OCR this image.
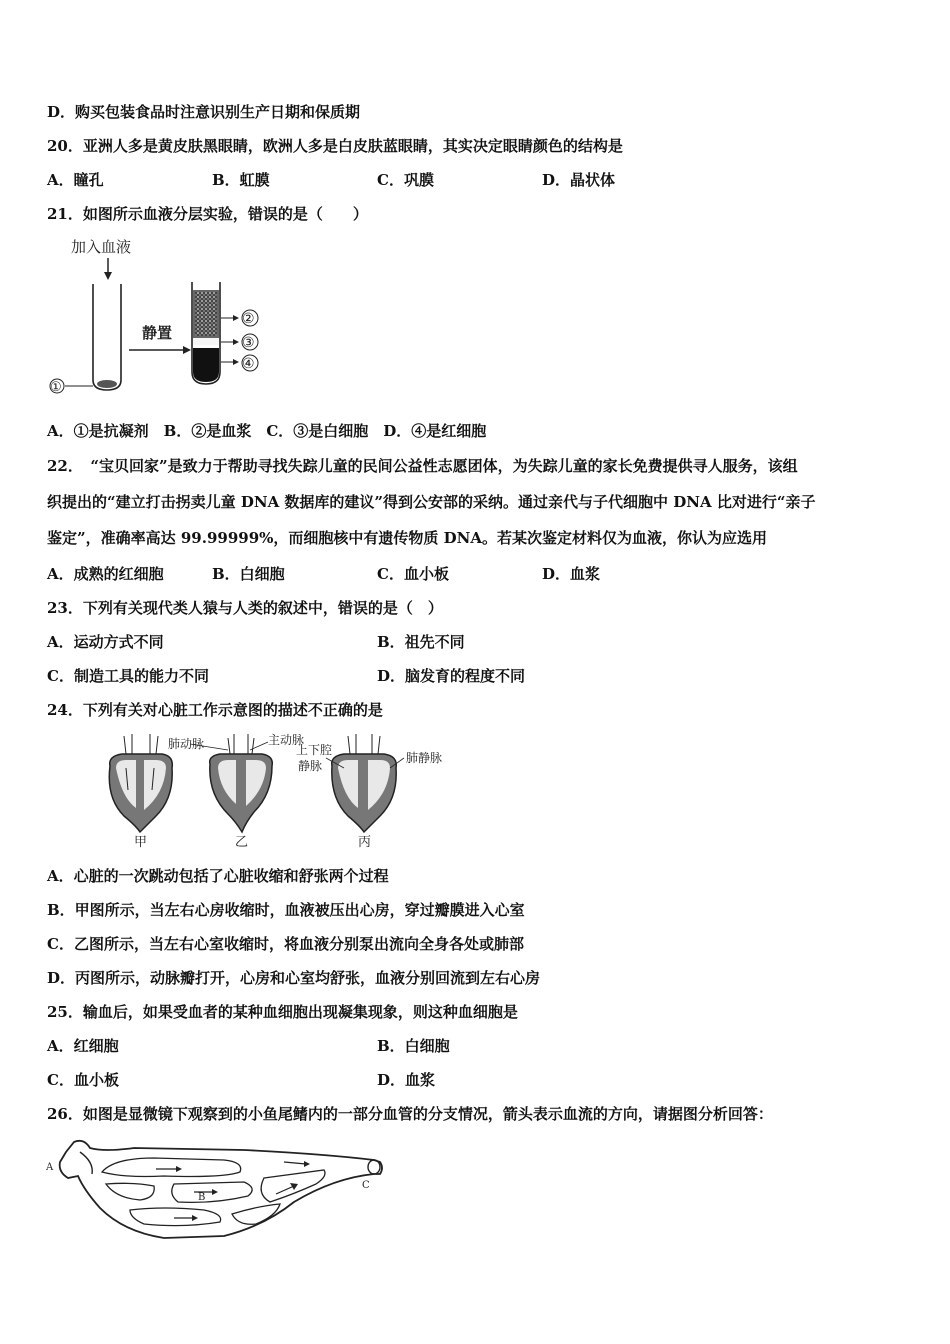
D．购买包装食品时注意识别生产日期和保质期
20．亚洲人多是黄皮肤黑眼睛，欧洲人多是白皮肤蓝眼睛，其实决定眼睛颜色的结构是
A．瞳孔	B．虹膜	C．巩膜	D．晶状体
21．如图所示血液分层实验，错误的是（　　）
加入血液
①
静置
②
③
④
A．①是抗凝剂　B．②是血浆　C．③是白细胞　D．④是红细胞
22．　“宝贝回家”是致力于帮助寻找失踪儿童的民间公益性志愿团体，为失踪儿童的家长免费提供寻人服务，该组
织提出的“建立打击拐卖儿童 DNA 数据库的建议”得到公安部的采纳。通过亲代与子代细胞中 DNA 比对进行“亲子
鉴定”，准确率高达 99.99999%，而细胞核中有遗传物质 DNA。若某次鉴定材料仅为血液，你认为应选用
A．成熟的红细胞	B．白细胞	C．血小板	D．血浆
23．下列有关现代类人猿与人类的叙述中，错误的是（　）
A．运动方式不同	B．祖先不同
C．制造工具的能力不同	D．脑发育的程度不同
24．下列有关对心脏工作示意图的描述不正确的是
甲
肺动脉	主动脉
乙
上下腔
静脉
肺静脉
丙
A．心脏的一次跳动包括了心脏收缩和舒张两个过程
B．甲图所示，当左右心房收缩时，血液被压出心房，穿过瓣膜进入心室
C．乙图所示，当左右心室收缩时，将血液分别泵出流向全身各处或肺部
D．丙图所示，动脉瓣打开，心房和心室均舒张，血液分别回流到左右心房
25．输血后，如果受血者的某种血细胞出现凝集现象，则这种血细胞是
A．红细胞	B．白细胞
C．血小板	D．血浆
26．如图是显微镜下观察到的小鱼尾鳍内的一部分血管的分支情况，箭头表示血流的方向，请据图分析回答：
A
B
C
